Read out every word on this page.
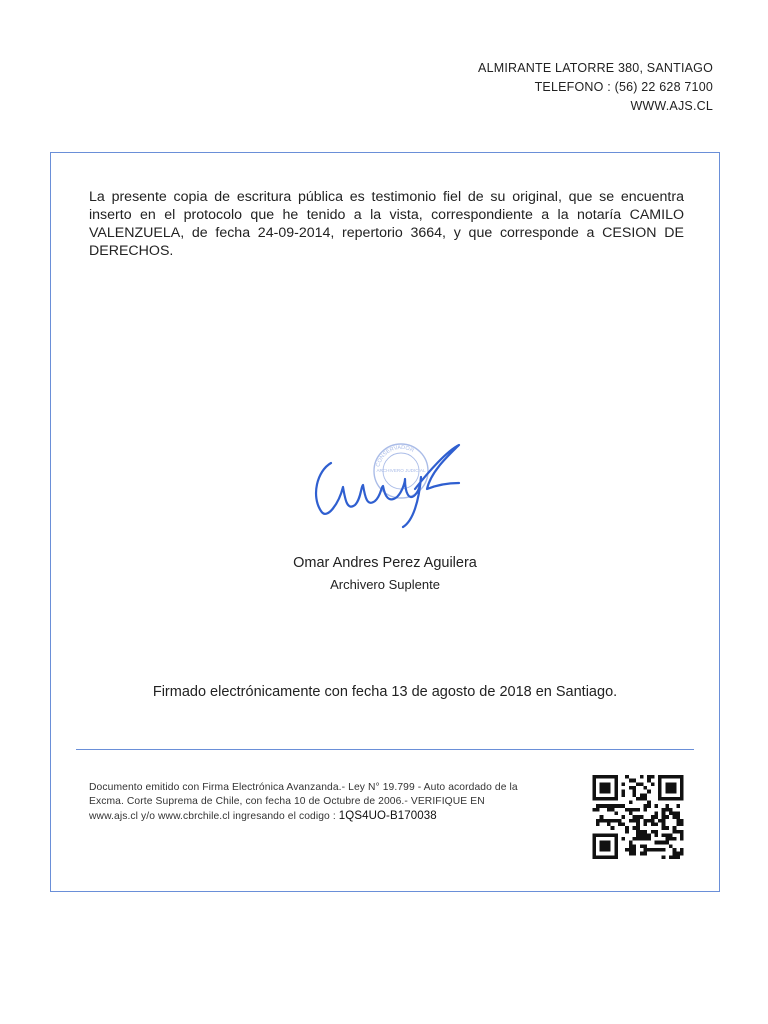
ALMIRANTE LATORRE 380, SANTIAGO
TELEFONO : (56) 22 628 7100
WWW.AJS.CL
La presente copia de escritura pública es testimonio fiel de su original, que se encuentra inserto en el protocolo que he tenido a la vista, correspondiente a la notaría CAMILO VALENZUELA, de fecha 24-09-2014, repertorio 3664, y que corresponde a CESION DE DERECHOS.
CONSERVADOR
ARCHIVERO JUDICIAL
Omar Andres Perez Aguilera
Archivero Suplente
Firmado electrónicamente con fecha 13 de agosto de 2018 en Santiago.
Documento emitido con Firma Electrónica Avanzanda.- Ley N° 19.799 - Auto acordado de la Excma. Corte Suprema de Chile, con fecha 10 de Octubre de 2006.- VERIFIQUE EN www.ajs.cl y/o www.cbrchile.cl ingresando el codigo : 1QS4UO-B170038
